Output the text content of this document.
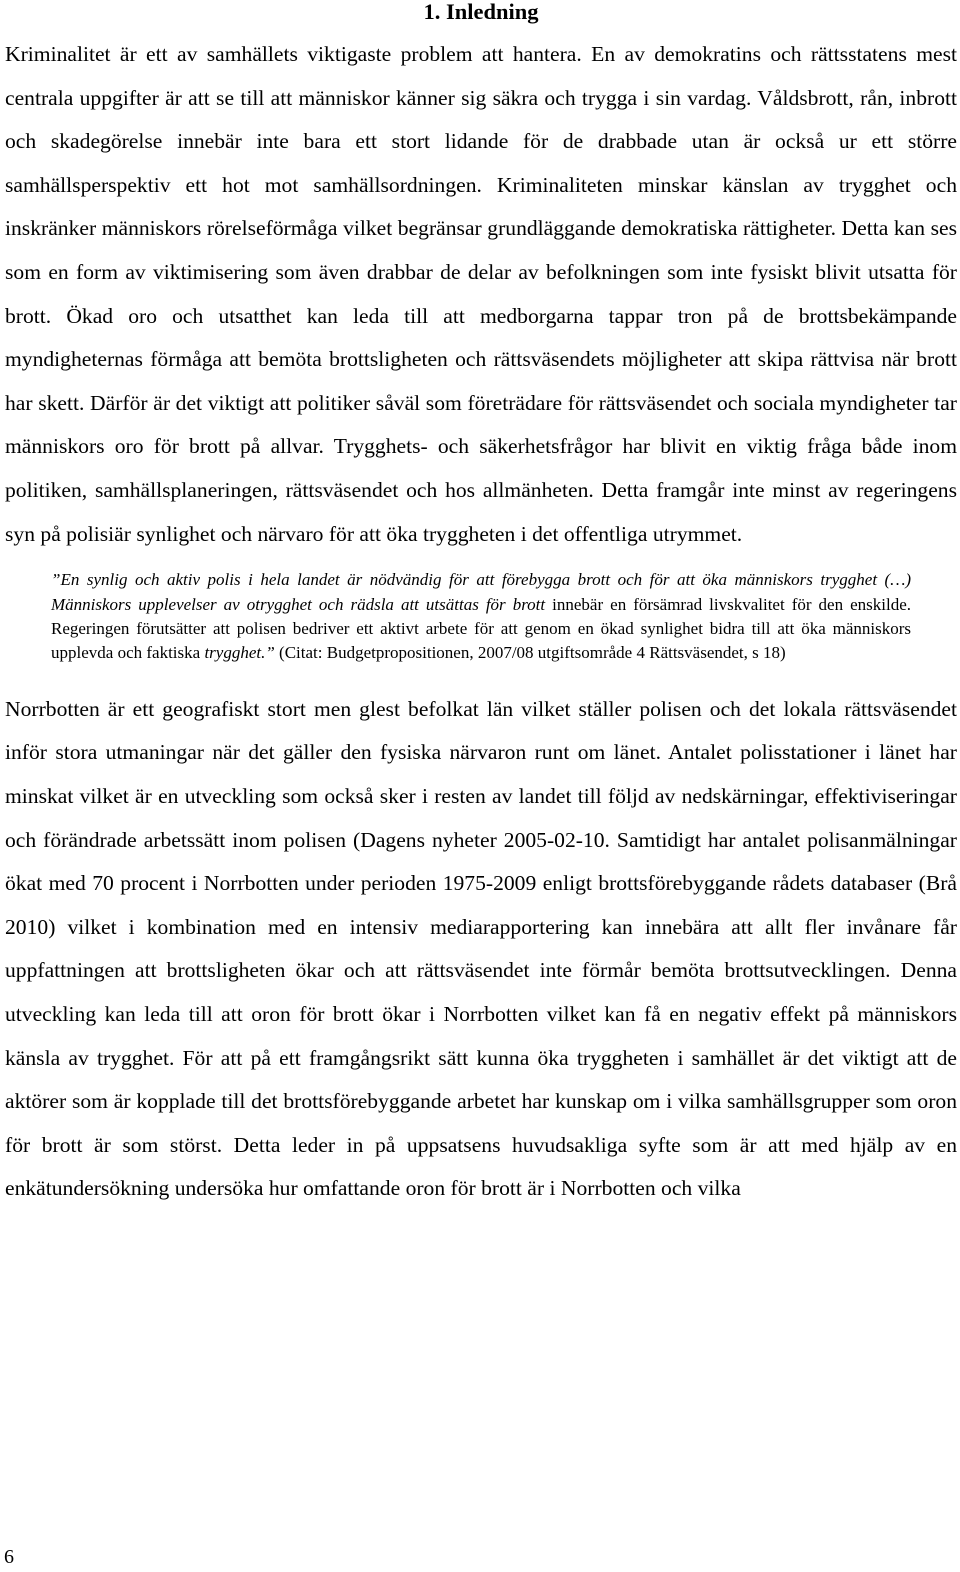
1. Inledning

Kriminalitet är ett av samhällets viktigaste problem att hantera. En av demokratins och rättsstatens mest centrala uppgifter är att se till att människor känner sig säkra och trygga i sin vardag. Våldsbrott, rån, inbrott och skadegörelse innebär inte bara ett stort lidande för de drabbade utan är också ur ett större samhällsperspektiv ett hot mot samhällsordningen. Kriminaliteten minskar känslan av trygghet och inskränker människors rörelseförmåga vilket begränsar grundläggande demokratiska rättigheter. Detta kan ses som en form av viktimisering som även drabbar de delar av befolkningen som inte fysiskt blivit utsatta för brott. Ökad oro och utsatthet kan leda till att medborgarna tappar tron på de brottsbekämpande myndigheternas förmåga att bemöta brottsligheten och rättsväsendets möjligheter att skipa rättvisa när brott har skett. Därför är det viktigt att politiker såväl som företrädare för rättsväsendet och sociala myndigheter tar människors oro för brott på allvar. Trygghets- och säkerhetsfrågor har blivit en viktig fråga både inom politiken, samhällsplaneringen, rättsväsendet och hos allmänheten. Detta framgår inte minst av regeringens syn på polisiär synlighet och närvaro för att öka tryggheten i det offentliga utrymmet.

”En synlig och aktiv polis i hela landet är nödvändig för att förebygga brott och för att öka människors trygghet (…) Människors upplevelser av otrygghet och rädsla att utsättas för brott innebär en försämrad livskvalitet för den enskilde. Regeringen förutsätter att polisen bedriver ett aktivt arbete för att genom en ökad synlighet bidra till att öka människors upplevda och faktiska trygghet.” (Citat: Budgetpropositionen, 2007/08 utgiftsområde 4 Rättsväsendet, s 18)

Norrbotten är ett geografiskt stort men glest befolkat län vilket ställer polisen och det lokala rättsväsendet inför stora utmaningar när det gäller den fysiska närvaron runt om länet. Antalet polisstationer i länet har minskat vilket är en utveckling som också sker i resten av landet till följd av nedskärningar, effektiviseringar och förändrade arbetssätt inom polisen (Dagens nyheter 2005-02-10. Samtidigt har antalet polisanmälningar ökat med 70 procent i Norrbotten under perioden 1975-2009 enligt brottsförebyggande rådets databaser (Brå 2010) vilket i kombination med en intensiv mediarapportering kan innebära att allt fler invånare får uppfattningen att brottsligheten ökar och att rättsväsendet inte förmår bemöta brottsutvecklingen. Denna utveckling kan leda till att oron för brott ökar i Norrbotten vilket kan få en negativ effekt på människors känsla av trygghet. För att på ett framgångsrikt sätt kunna öka tryggheten i samhället är det viktigt att de aktörer som är kopplade till det brottsförebyggande arbetet har kunskap om i vilka samhällsgrupper som oron för brott är som störst. Detta leder in på uppsatsens huvudsakliga syfte som är att med hjälp av en enkätundersökning undersöka hur omfattande oron för brott är i Norrbotten och vilka

6
